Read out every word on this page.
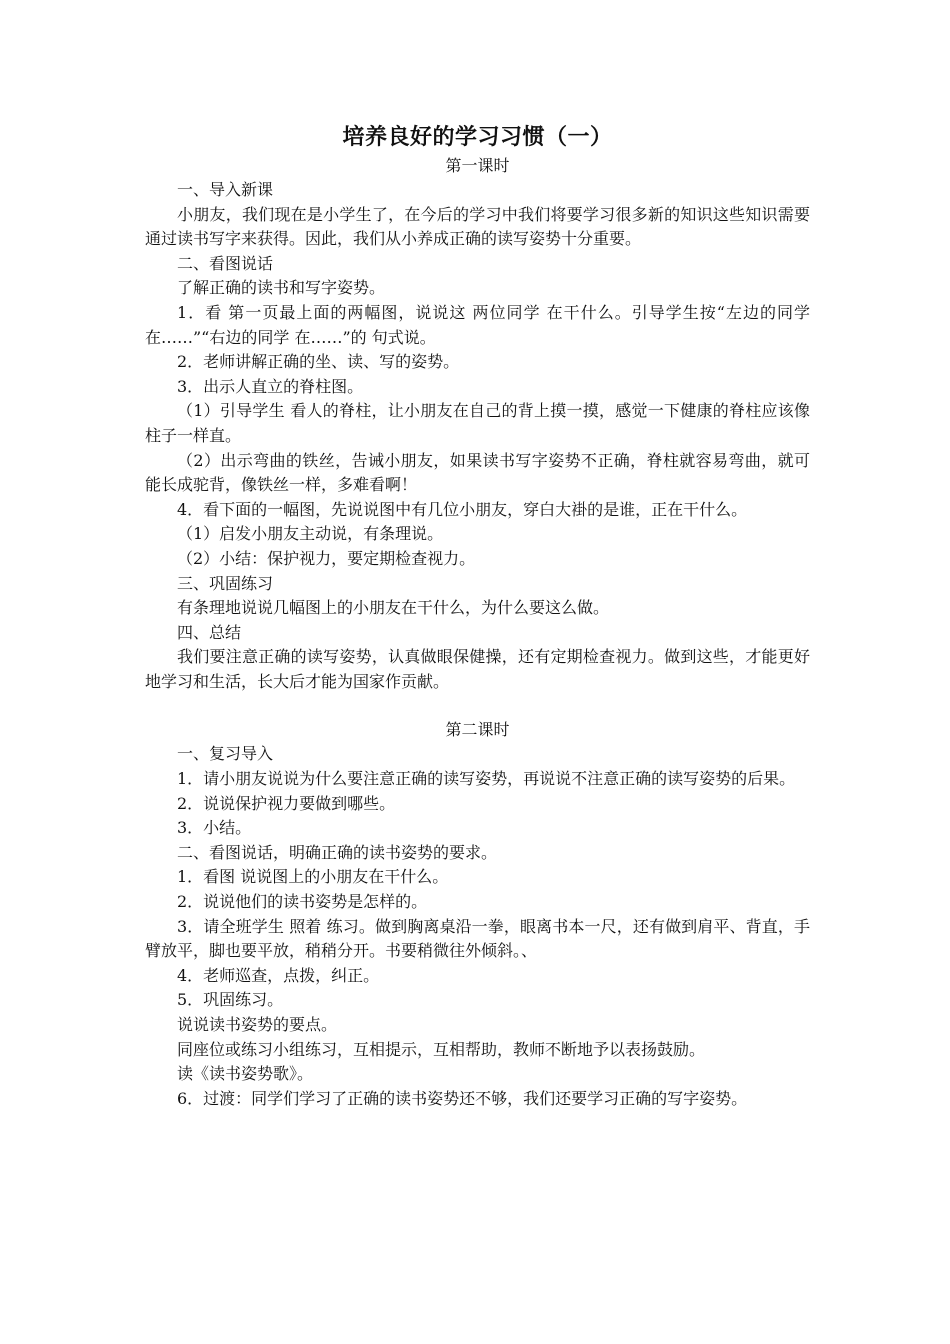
培养良好的学习习惯（一）

第一课时

一、导入新课

小朋友，我们现在是小学生了，在今后的学习中我们将要学习很多新的知识这些知识需要通过读书写字来获得。因此，我们从小养成正确的读写姿势十分重要。

二、看图说话

了解正确的读书和写字姿势。

1．看 第一页最上面的两幅图，说说这 两位同学 在干什么。引导学生按“左边的同学在……”“右边的同学 在……”的 句式说。

2．老师讲解正确的坐、读、写的姿势。

3．出示人直立的脊柱图。

（1）引导学生 看人的脊柱，让小朋友在自己的背上摸一摸，感觉一下健康的脊柱应该像柱子一样直。

（2）出示弯曲的铁丝，告诫小朋友，如果读书写字姿势不正确，脊柱就容易弯曲，就可能长成驼背，像铁丝一样，多难看啊！

4．看下面的一幅图，先说说图中有几位小朋友，穿白大褂的是谁，正在干什么。

（1）启发小朋友主动说，有条理说。

（2）小结：保护视力，要定期检查视力。

三、巩固练习

有条理地说说几幅图上的小朋友在干什么，为什么要这么做。

四、总结

我们要注意正确的读写姿势，认真做眼保健操，还有定期检查视力。做到这些，才能更好地学习和生活，长大后才能为国家作贡献。

第二课时

一、复习导入

1．请小朋友说说为什么要注意正确的读写姿势，再说说不注意正确的读写姿势的后果。

2．说说保护视力要做到哪些。

3．小结。

二、看图说话，明确正确的读书姿势的要求。

1．看图 说说图上的小朋友在干什么。

2．说说他们的读书姿势是怎样的。

3．请全班学生 照着 练习。做到胸离桌沿一拳，眼离书本一尺，还有做到肩平、背直，手臂放平，脚也要平放，稍稍分开。书要稍微往外倾斜。、

4．老师巡查，点拨，纠正。

5．巩固练习。

说说读书姿势的要点。

同座位或练习小组练习，互相提示，互相帮助，教师不断地予以表扬鼓励。

读《读书姿势歌》。

6．过渡：同学们学习了正确的读书姿势还不够，我们还要学习正确的写字姿势。
